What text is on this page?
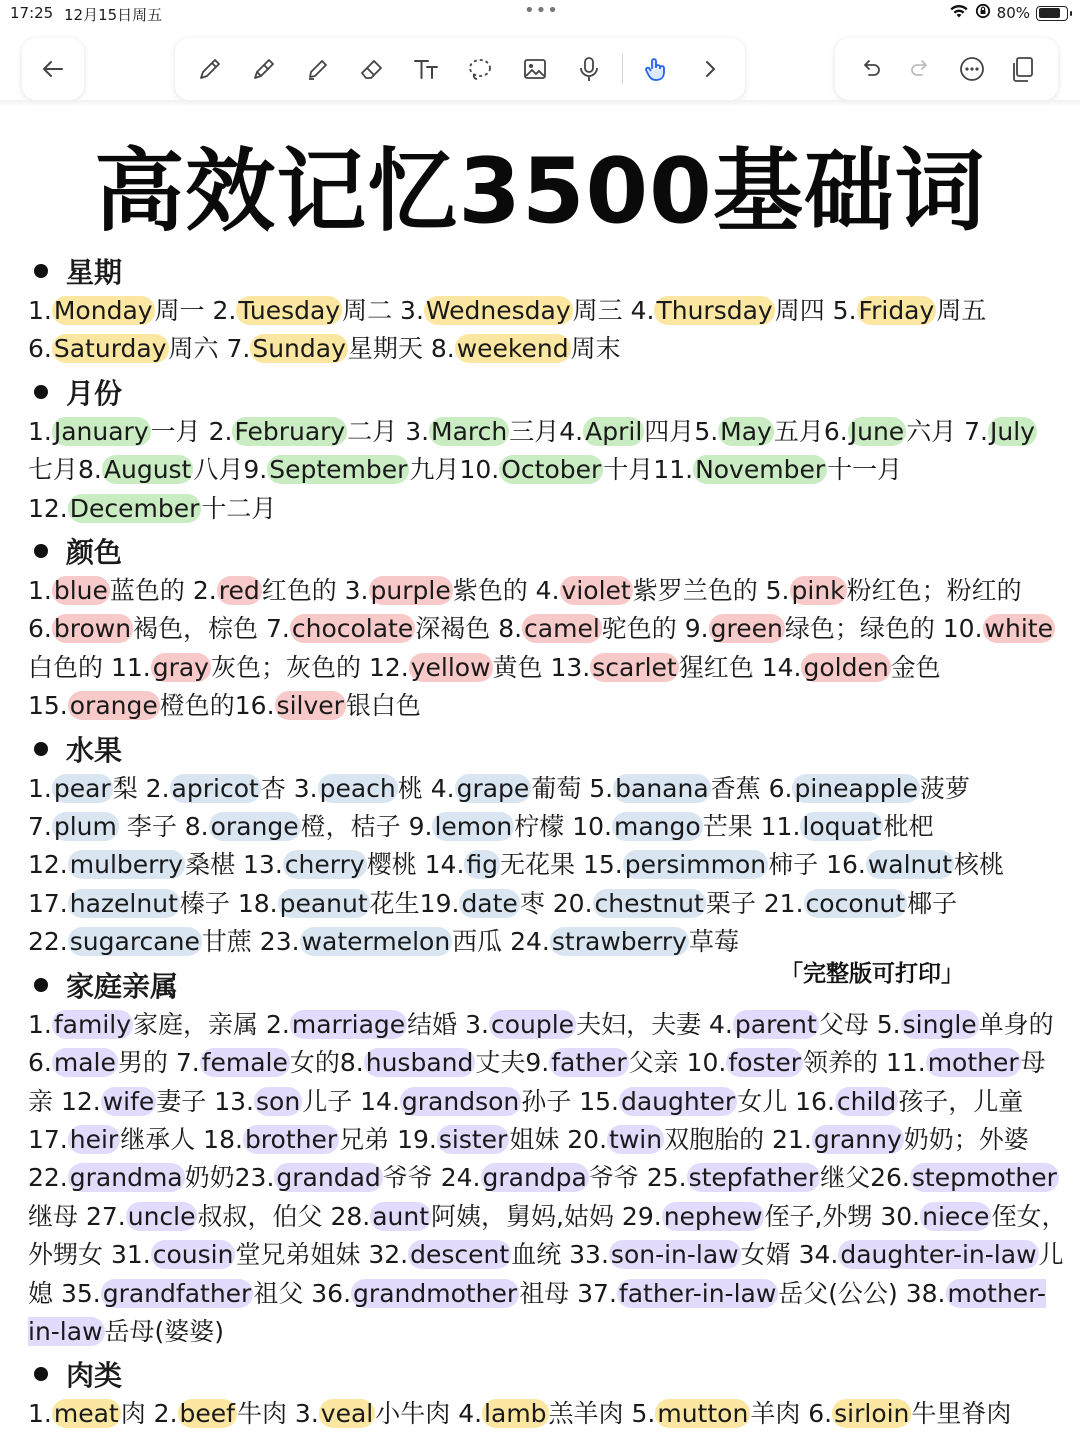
17:25 12月15日周五	•••	80%
高效记忆3500基础词
星期
1.Monday周一 2.Tuesday周二 3.Wednesday周三 4.Thursday周四 5.Friday周五 6.Saturday周六 7.Sunday星期天 8.weekend周末
月份
1.January一月 2.February二月 3.March三月4.April四月5.May五月6.June六月 7.July 七月8.August八月9.September九月10.October十月11.November十一月 12.December十二月
颜色
1.blue蓝色的 2.red红色的 3.purple紫色的 4.violet紫罗兰色的 5.pink粉红色；粉红的 6.brown褐色，棕色 7.chocolate深褐色 8.camel驼色的 9.green绿色；绿色的 10.white 白色的 11.gray灰色；灰色的 12.yellow黄色 13.scarlet猩红色 14.golden金色 15.orange橙色的16.silver银白色
水果
1.pear梨 2.apricot杏 3.peach桃 4.grape葡萄 5.banana香蕉 6.pineapple菠萝 7.plum 李子 8.orange橙，桔子 9.lemon柠檬 10.mango芒果 11.loquat枇杷 12.mulberry桑椹 13.cherry樱桃 14.fig无花果 15.persimmon柿子 16.walnut核桃 17.hazelnut榛子 18.peanut花生19.date枣 20.chestnut栗子 21.coconut椰子 22.sugarcane甘蔗 23.watermelon西瓜 24.strawberry草莓
家庭亲属
1.family家庭，亲属 2.marriage结婚 3.couple夫妇，夫妻 4.parent父母 5.single单身的 6.male男的 7.female女的8.husband丈夫9.father父亲 10.foster领养的 11.mother母亲 12.wife妻子 13.son儿子 14.grandson孙子 15.daughter女儿 16.child孩子，儿童 17.heir继承人 18.brother兄弟 19.sister姐妹 20.twin双胞胎的 21.granny奶奶；外婆 22.grandma奶奶23.grandad爷爷 24.grandpa爷爷 25.stepfather继父26.stepmother 继母 27.uncle叔叔，伯父 28.aunt阿姨，舅妈,姑妈 29.nephew侄子,外甥 30.niece侄女，外甥女 31.cousin堂兄弟姐妹 32.descent血统 33.son-in-law女婿 34.daughter-in-law儿媳 35.grandfather祖父 36.grandmother祖母 37.father-in-law岳父(公公) 38.mother-in-law岳母(婆婆)
肉类
1.meat肉 2.beef牛肉 3.veal小牛肉 4.lamb羔羊肉 5.mutton羊肉 6.sirloin牛里脊肉
「完整版可打印」
